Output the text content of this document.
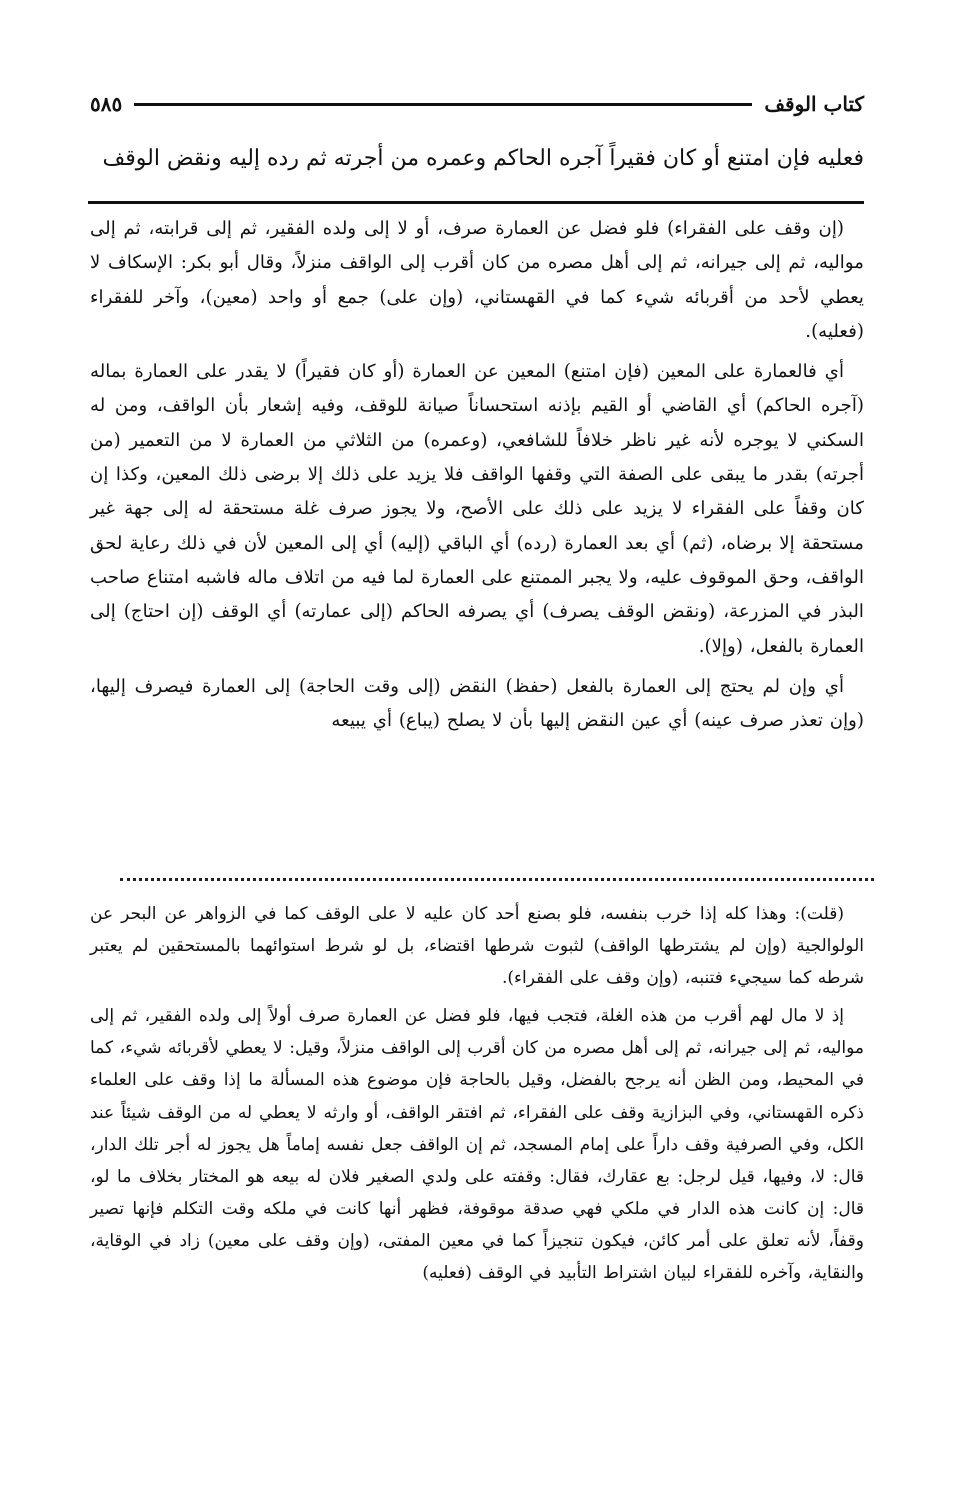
كتاب الوقف
٥٨٥
فعليه فإن امتنع أو كان فقيراً آجره الحاكم وعمره من أجرته ثم رده إليه ونقض الوقف

(إن وقف على الفقراء) فلو فضل عن العمارة صرف، أو لا إلى ولده الفقير، ثم إلى قرابته، ثم إلى مواليه، ثم إلى جيرانه، ثم إلى أهل مصره من كان أقرب إلى الواقف منزلاً، وقال أبو بكر: الإسكاف لا يعطي لأحد من أقربائه شيء كما في القهستاني، (وإن على) جمع أو واحد (معين)، وآخر للفقراء (فعليه).

أي فالعمارة على المعين (فإن امتنع) المعين عن العمارة (أو كان فقيراً) لا يقدر على العمارة بماله (آجره الحاكم) أي القاضي أو القيم بإذنه استحساناً صيانة للوقف، وفيه إشعار بأن الواقف، ومن له السكني لا يوجره لأنه غير ناظر خلافاً للشافعي، (وعمره) من الثلاثي من العمارة لا من التعمير (من أجرته) بقدر ما يبقى على الصفة التي وقفها الواقف فلا يزيد على ذلك إلا برضى ذلك المعين، وكذا إن كان وقفاً على الفقراء لا يزيد على ذلك على الأصح، ولا يجوز صرف غلة مستحقة له إلى جهة غير مستحقة إلا برضاه، (ثم) أي بعد العمارة (رده) أي الباقي (إليه) أي إلى المعين لأن في ذلك رعاية لحق الواقف، وحق الموقوف عليه، ولا يجبر الممتنع على العمارة لما فيه من اتلاف ماله فاشبه امتناع صاحب البذر في المزرعة، (ونقض الوقف يصرف) أي يصرفه الحاكم (إلى عمارته) أي الوقف (إن احتاج) إلى العمارة بالفعل، (وإلا).

أي وإن لم يحتج إلى العمارة بالفعل (حفظ) النقض (إلى وقت الحاجة) إلى العمارة فيصرف إليها، (وإن تعذر صرف عينه) أي عين النقض إليها بأن لا يصلح (يباع) أي يبيعه

(قلت): وهذا كله إذا خرب بنفسه، فلو بصنع أحد كان عليه لا على الوقف كما في الزواهر عن البحر عن الولوالجية (وإن لم يشترطها الواقف) لثبوت شرطها اقتضاء، بل لو شرط استوائهما بالمستحقين لم يعتبر شرطه كما سيجيء فتنبه، (وإن وقف على الفقراء).

إذ لا مال لهم أقرب من هذه الغلة، فتجب فيها، فلو فضل عن العمارة صرف أولاً إلى ولده الفقير، ثم إلى مواليه، ثم إلى جيرانه، ثم إلى أهل مصره من كان أقرب إلى الواقف منزلاً، وقيل: لا يعطي لأقربائه شيء، كما في المحيط، ومن الظن أنه يرجح بالفضل، وقيل بالحاجة فإن موضوع هذه المسألة ما إذا وقف على العلماء ذكره القهستاني، وفي البزازية وقف على الفقراء، ثم افتقر الواقف، أو وارثه لا يعطي له من الوقف شيئاً عند الكل، وفي الصرفية وقف داراً على إمام المسجد، ثم إن الواقف جعل نفسه إماماً هل يجوز له أجر تلك الدار، قال: لا، وفيها، قيل لرجل: بع عقارك، فقال: وقفته على ولدي الصغير فلان له بيعه هو المختار بخلاف ما لو، قال: إن كانت هذه الدار في ملكي فهي صدقة موقوفة، فظهر أنها كانت في ملكه وقت التكلم فإنها تصير وقفاً، لأنه تعلق على أمر كائن، فيكون تنجيزاً كما في معين المفتى، (وإن وقف على معين) زاد في الوقاية، والنقاية، وآخره للفقراء لبيان اشتراط التأبيد في الوقف (فعليه)
